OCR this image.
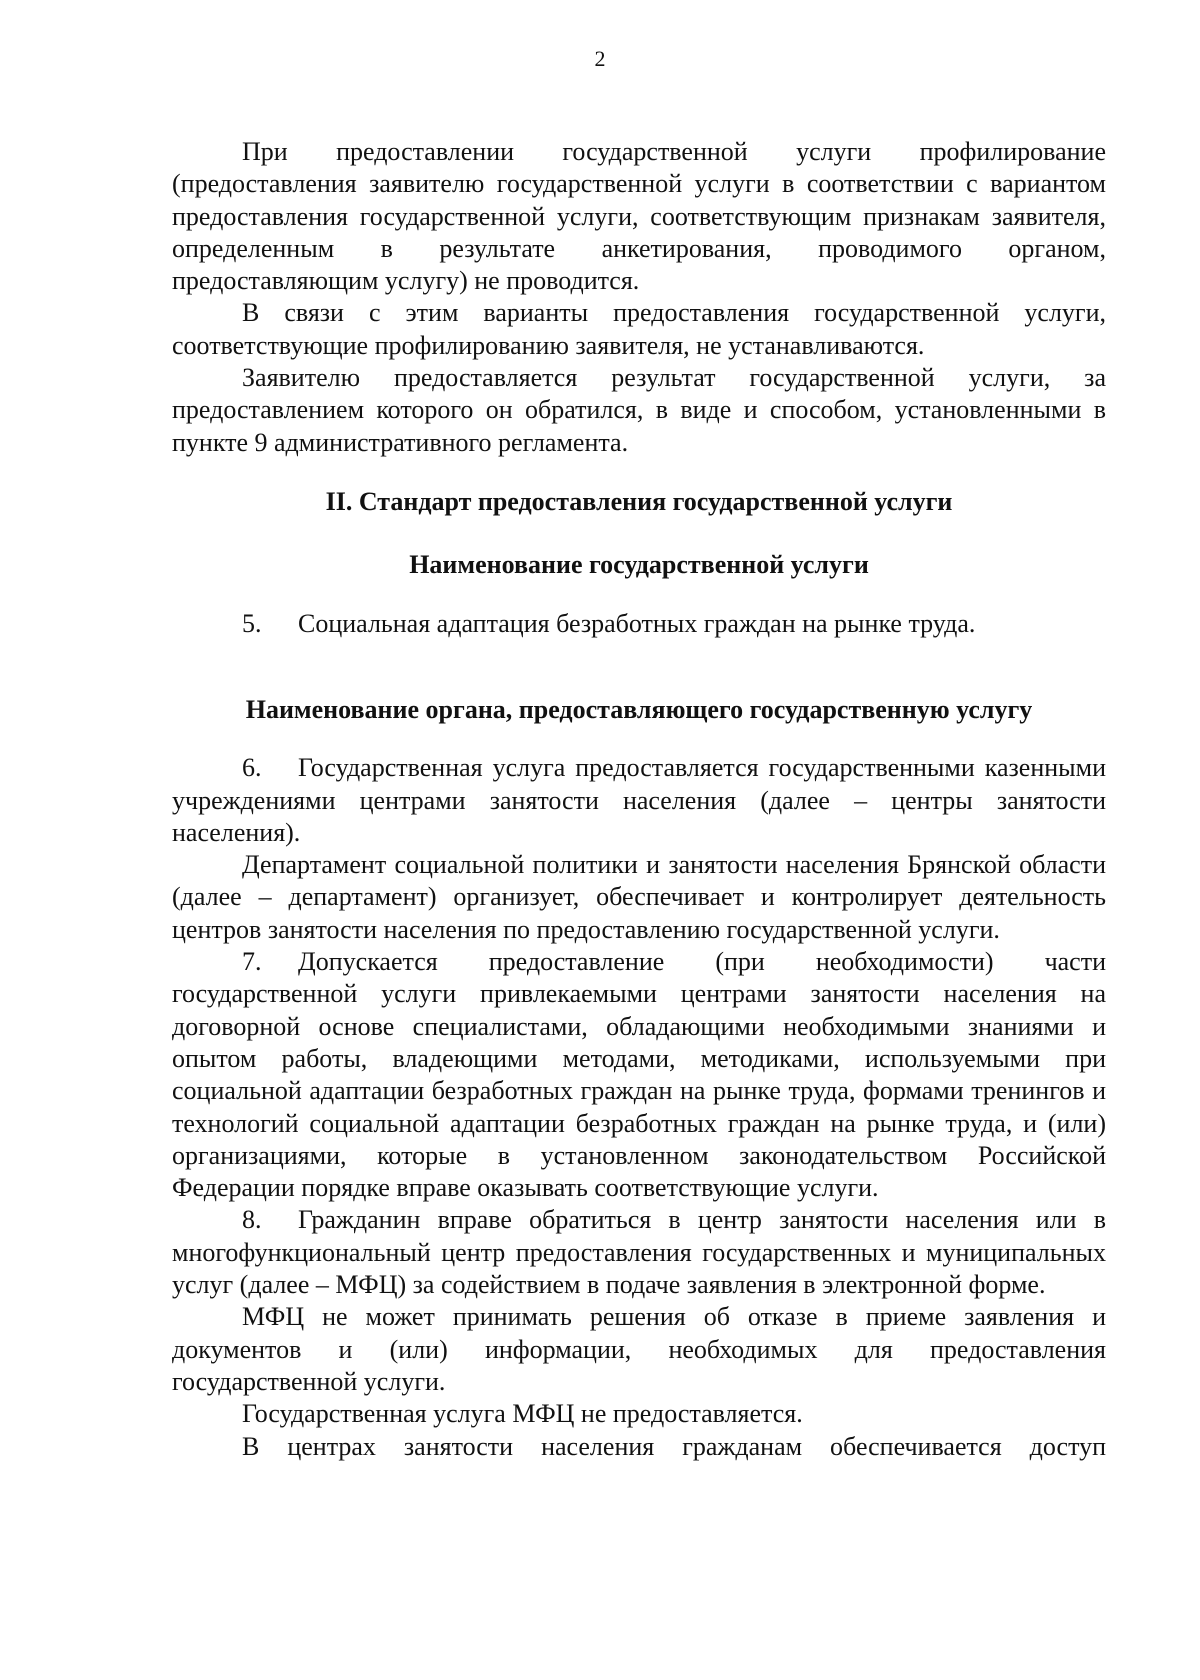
2

При предоставлении государственной услуги профилирование (предоставления заявителю государственной услуги в соответствии с вариантом предоставления государственной услуги, соответствующим признакам заявителя, определенным в результате анкетирования, проводимого органом, предоставляющим услугу) не проводится.

В связи с этим варианты предоставления государственной услуги, соответствующие профилированию заявителя, не устанавливаются.

Заявителю предоставляется результат государственной услуги, за предоставлением которого он обратился, в виде и способом, установленными в пункте 9 административного регламента.

II. Стандарт предоставления государственной услуги
Наименование государственной услуги

5. Социальная адаптация безработных граждан на рынке труда.

Наименование органа, предоставляющего государственную услугу

6. Государственная услуга предоставляется государственными казенными учреждениями центрами занятости населения (далее – центры занятости населения).

Департамент социальной политики и занятости населения Брянской области (далее – департамент) организует, обеспечивает и контролирует деятельность центров занятости населения по предоставлению государственной услуги.

7. Допускается предоставление (при необходимости) части государственной услуги привлекаемыми центрами занятости населения на договорной основе специалистами, обладающими необходимыми знаниями и опытом работы, владеющими методами, методиками, используемыми при социальной адаптации безработных граждан на рынке труда, формами тренингов и технологий социальной адаптации безработных граждан на рынке труда, и (или) организациями, которые в установленном законодательством Российской Федерации порядке вправе оказывать соответствующие услуги.

8. Гражданин вправе обратиться в центр занятости населения или в многофункциональный центр предоставления государственных и муниципальных услуг (далее – МФЦ) за содействием в подаче заявления в электронной форме.

МФЦ не может принимать решения об отказе в приеме заявления и документов и (или) информации, необходимых для предоставления государственной услуги.

Государственная услуга МФЦ не предоставляется.

В центрах занятости населения гражданам обеспечивается доступ
